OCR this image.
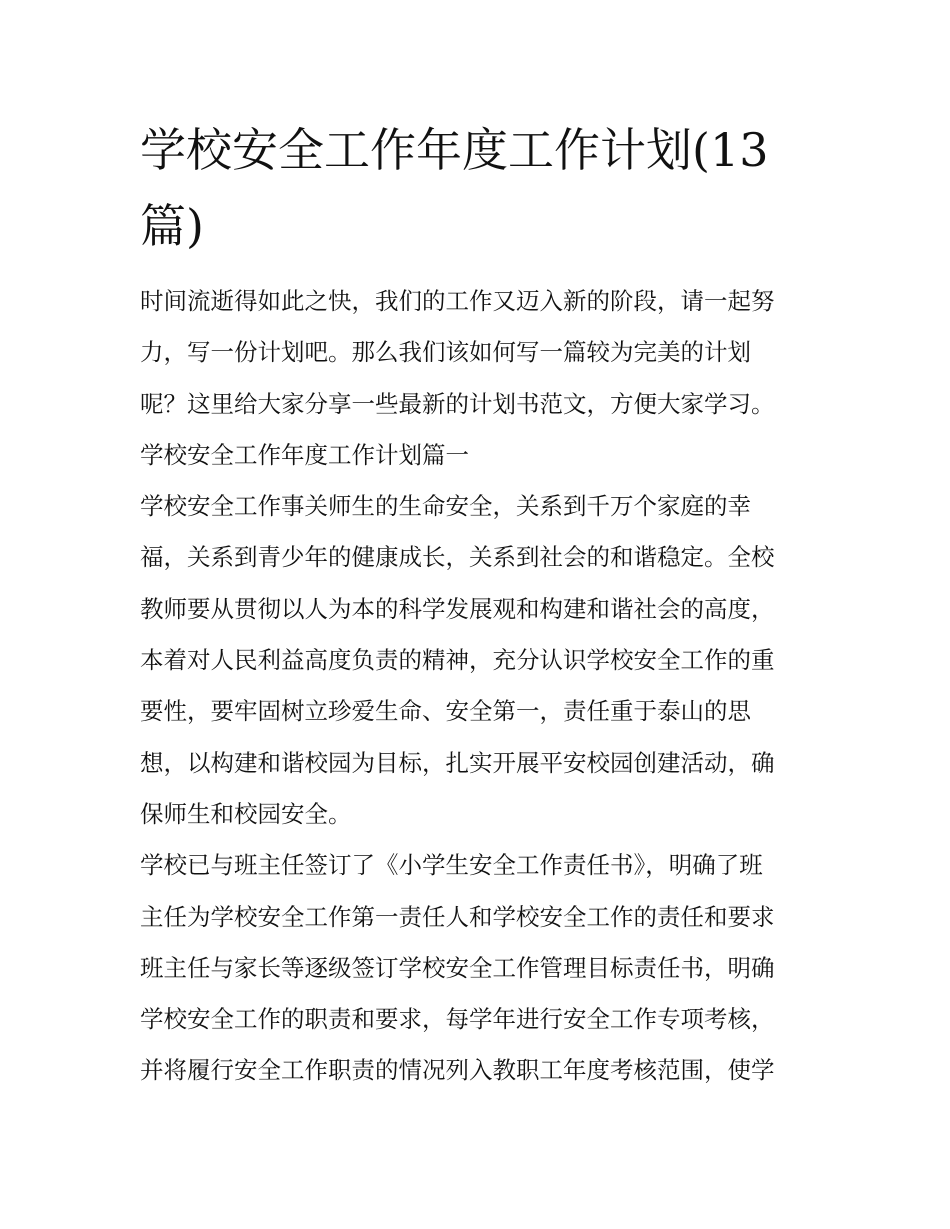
学校安全工作年度工作计划(13
篇)

时间流逝得如此之快，我们的工作又迈入新的阶段，请一起努
力，写一份计划吧。那么我们该如何写一篇较为完美的计划
呢？这里给大家分享一些最新的计划书范文，方便大家学习。

学校安全工作年度工作计划篇一

学校安全工作事关师生的生命安全，关系到千万个家庭的幸
福，关系到青少年的健康成长，关系到社会的和谐稳定。全校
教师要从贯彻以人为本的科学发展观和构建和谐社会的高度，
本着对人民利益高度负责的精神，充分认识学校安全工作的重
要性，要牢固树立珍爱生命、安全第一，责任重于泰山的思
想，以构建和谐校园为目标，扎实开展平安校园创建活动，确
保师生和校园安全。

学校已与班主任签订了《小学生安全工作责任书》，明确了班
主任为学校安全工作第一责任人和学校安全工作的责任和要求
班主任与家长等逐级签订学校安全工作管理目标责任书，明确
学校安全工作的职责和要求，每学年进行安全工作专项考核，
并将履行安全工作职责的情况列入教职工年度考核范围，使学
